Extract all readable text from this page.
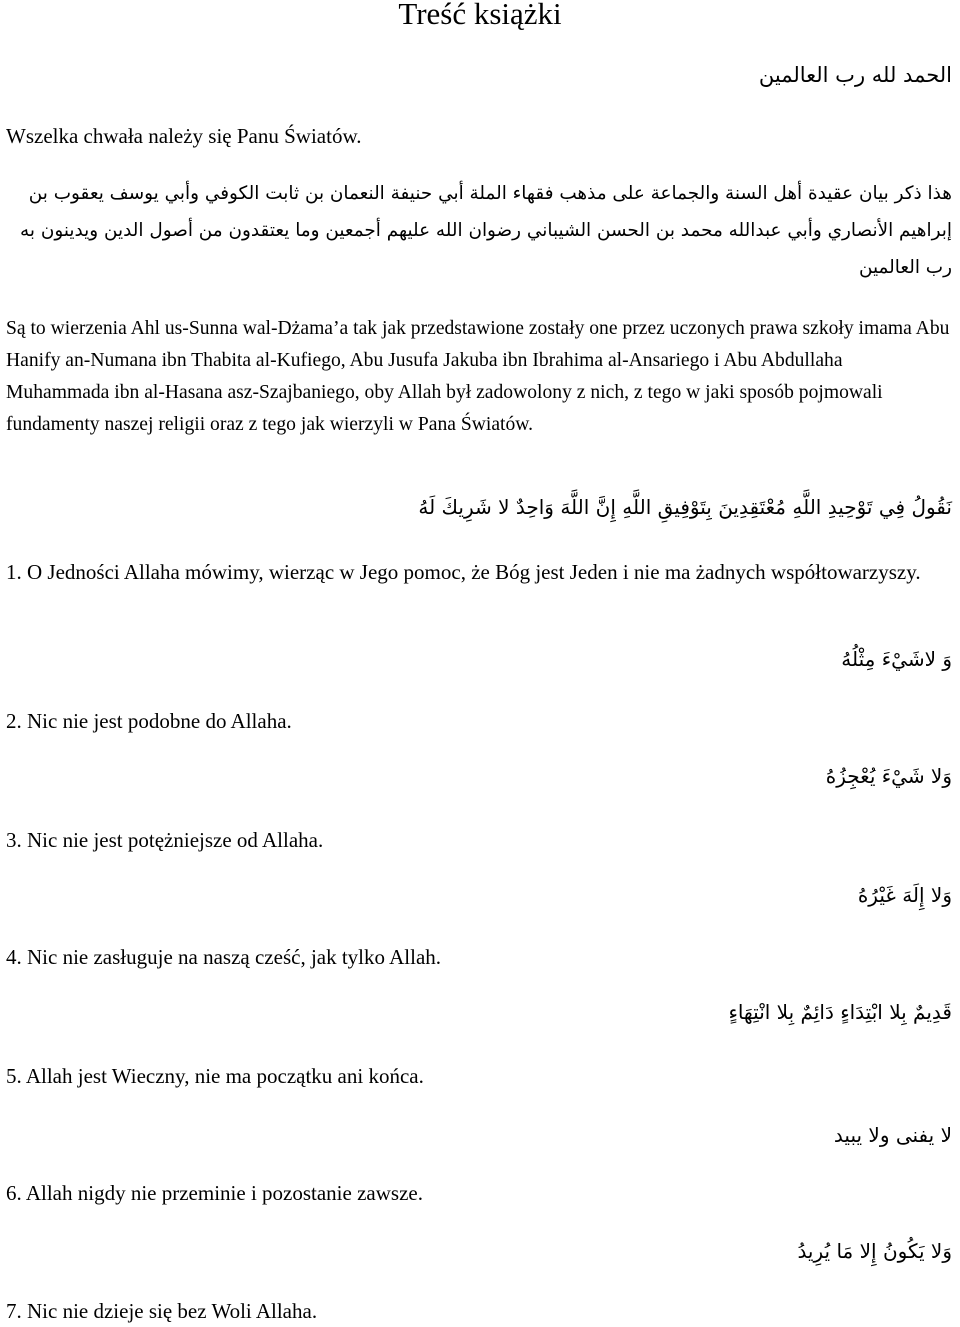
Treść książki
الحمد لله رب العالمين
Wszelka chwała należy się Panu Światów.
هذا ذكر بيان عقيدة أهل السنة والجماعة على مذهب فقهاء الملة أبي حنيفة النعمان بن ثابت الكوفي وأبي يوسف يعقوب بن إبراهيم الأنصاري وأبي عبدالله محمد بن الحسن الشيباني رضوان الله عليهم أجمعين وما يعتقدون من أصول الدين ويدينون به رب العالمين
Są to wierzenia Ahl us-Sunna wal-Dżama’a tak jak przedstawione zostały one przez uczonych prawa szkoły imama Abu Hanify an-Numana ibn Thabita al-Kufiego, Abu Jusufa Jakuba ibn Ibrahima al-Ansariego i Abu Abdullaha Muhammada ibn al-Hasana asz-Szajbaniego, oby Allah był zadowolony z nich, z tego w jaki sposób pojmowali fundamenty naszej religii oraz z tego jak wierzyli w Pana Światów.
نَقُولُ فِي تَوْحِيدِ اللَّهِ مُعْتَقِدِينَ بِتَوْفِيقِ اللَّهِ إِنَّ اللَّهَ وَاحِدٌ لا شَرِيكَ لَهُ
1. O Jedności Allaha mówimy, wierząc w Jego pomoc, że Bóg jest Jeden i nie ma żadnych współtowarzyszy.
وَ لاشَيْءَ مِثْلُهُ
2. Nic nie jest podobne do Allaha.
وَلا شَيْءَ يُعْجِزُهُ
3. Nic nie jest potężniejsze od Allaha.
وَلا إِلَهَ غَيْرُهُ
4. Nic nie zasługuje na naszą cześć, jak tylko Allah.
قَدِيمٌ بِلا ابْتِدَاءٍ دَائِمٌ بِلا انْتِهَاءٍ
5. Allah jest Wieczny, nie ma początku ani końca.
لا يفنى ولا يبيد
6. Allah nigdy nie przeminie i pozostanie zawsze.
وَلا يَكُونُ إِلا مَا يُرِيدُ
7. Nic nie dzieje się bez Woli Allaha.
